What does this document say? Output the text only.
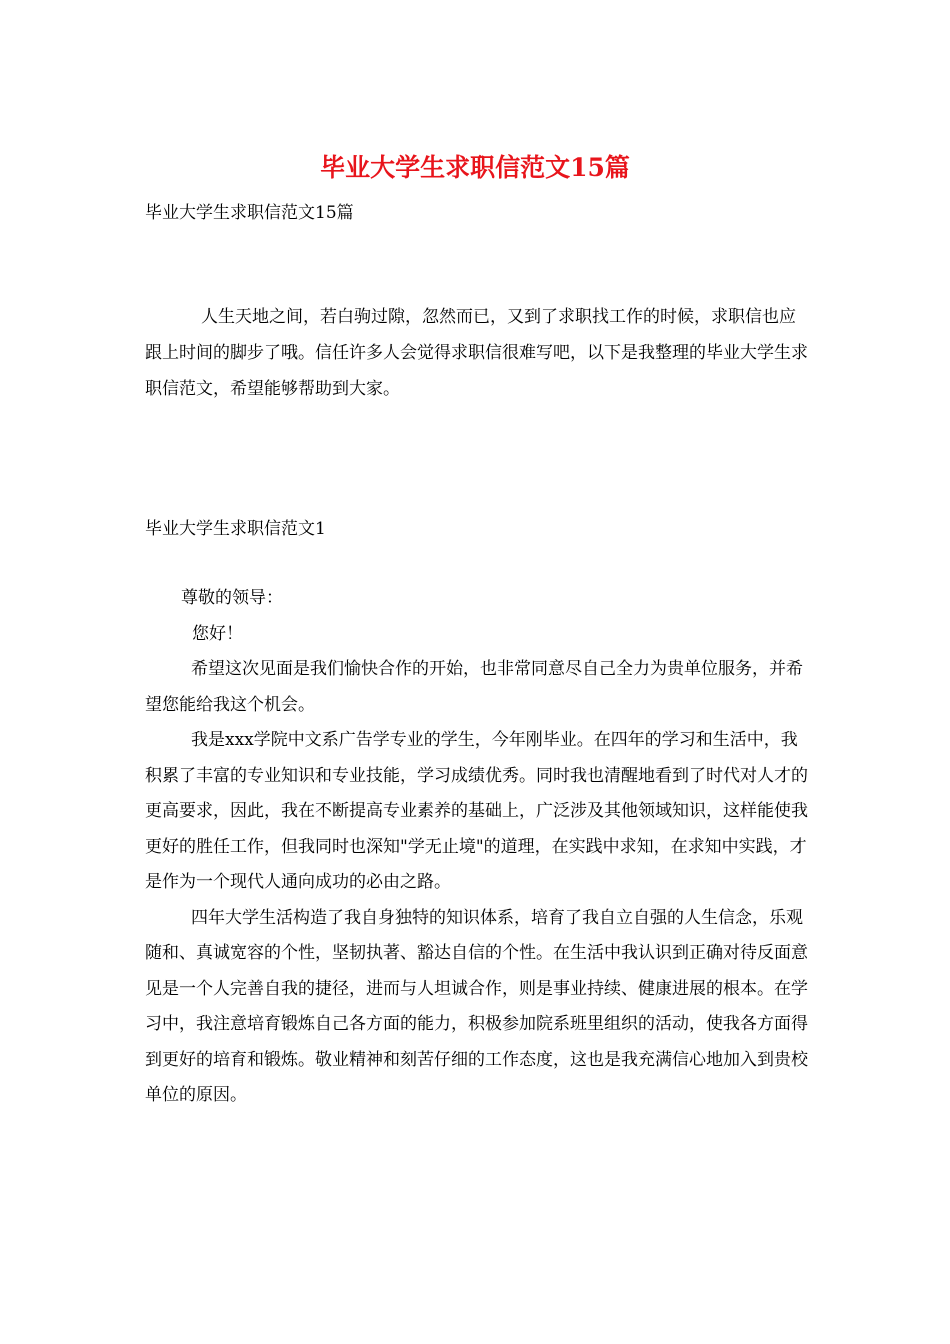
毕业大学生求职信范文15篇

毕业大学生求职信范文15篇

人生天地之间，若白驹过隙，忽然而已，又到了求职找工作的时候，求职信也应跟上时间的脚步了哦。信任许多人会觉得求职信很难写吧，以下是我整理的毕业大学生求职信范文，希望能够帮助到大家。

毕业大学生求职信范文1

尊敬的领导：

您好！

希望这次见面是我们愉快合作的开始，也非常同意尽自己全力为贵单位服务，并希望您能给我这个机会。

我是xxx学院中文系广告学专业的学生，今年刚毕业。在四年的学习和生活中，我积累了丰富的专业知识和专业技能，学习成绩优秀。同时我也清醒地看到了时代对人才的更高要求，因此，我在不断提高专业素养的基础上，广泛涉及其他领域知识，这样能使我更好的胜任工作，但我同时也深知"学无止境"的道理，在实践中求知，在求知中实践，才是作为一个现代人通向成功的必由之路。

四年大学生活构造了我自身独特的知识体系，培育了我自立自强的人生信念，乐观随和、真诚宽容的个性，坚韧执著、豁达自信的个性。在生活中我认识到正确对待反面意见是一个人完善自我的捷径，进而与人坦诚合作，则是事业持续、健康进展的根本。在学习中，我注意培育锻炼自己各方面的能力，积极参加院系班里组织的活动，使我各方面得到更好的培育和锻炼。敬业精神和刻苦仔细的工作态度，这也是我充满信心地加入到贵校单位的原因。
